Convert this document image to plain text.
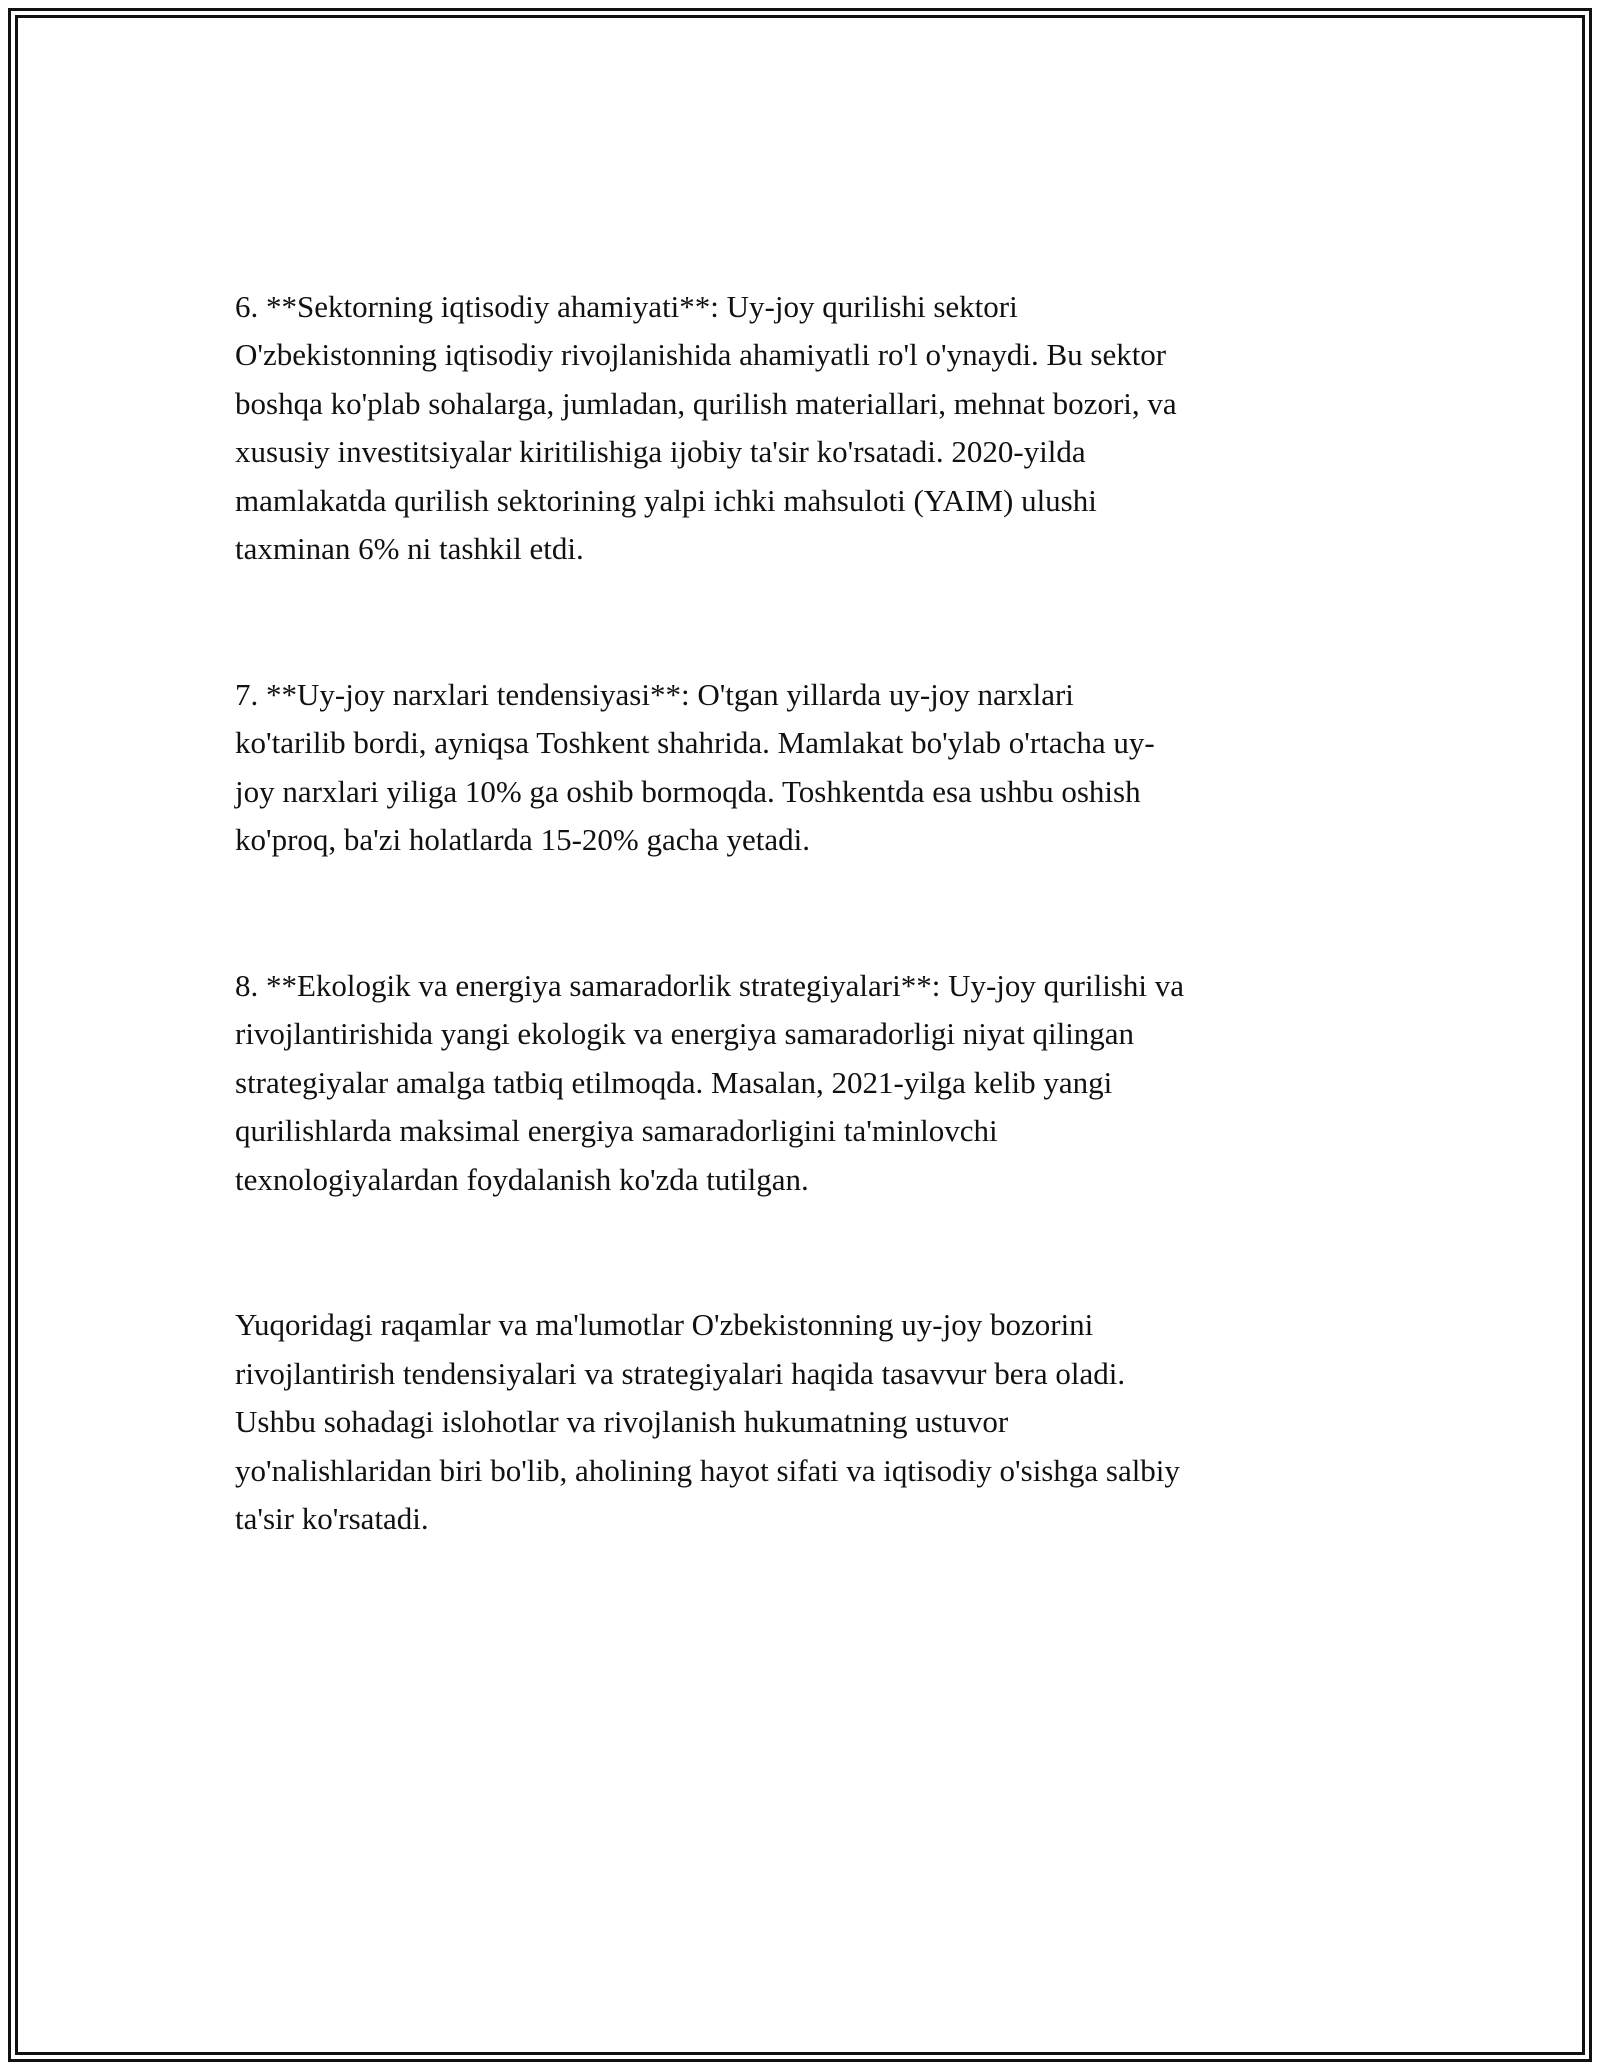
6. **Sektorning iqtisodiy ahamiyati**: Uy-joy qurilishi sektori
O'zbekistonning iqtisodiy rivojlanishida ahamiyatli ro'l o'ynaydi. Bu sektor
boshqa ko'plab sohalarga, jumladan, qurilish materiallari, mehnat bozori, va
xususiy investitsiyalar kiritilishiga ijobiy ta'sir ko'rsatadi. 2020-yilda
mamlakatda qurilish sektorining yalpi ichki mahsuloti (YAIM) ulushi
taxminan 6% ni tashkil etdi.

7. **Uy-joy narxlari tendensiyasi**: O'tgan yillarda uy-joy narxlari
ko'tarilib bordi, ayniqsa Toshkent shahrida. Mamlakat bo'ylab o'rtacha uy-
joy narxlari yiliga 10% ga oshib bormoqda. Toshkentda esa ushbu oshish
ko'proq, ba'zi holatlarda 15-20% gacha yetadi.

8. **Ekologik va energiya samaradorlik strategiyalari**: Uy-joy qurilishi va
rivojlantirishida yangi ekologik va energiya samaradorligi niyat qilingan
strategiyalar amalga tatbiq etilmoqda. Masalan, 2021-yilga kelib yangi
qurilishlarda maksimal energiya samaradorligini ta'minlovchi
texnologiyalardan foydalanish ko'zda tutilgan.

Yuqoridagi raqamlar va ma'lumotlar O'zbekistonning uy-joy bozorini
rivojlantirish tendensiyalari va strategiyalari haqida tasavvur bera oladi.
Ushbu sohadagi islohotlar va rivojlanish hukumatning ustuvor
yo'nalishlaridan biri bo'lib, aholining hayot sifati va iqtisodiy o'sishga salbiy
ta'sir ko'rsatadi.
